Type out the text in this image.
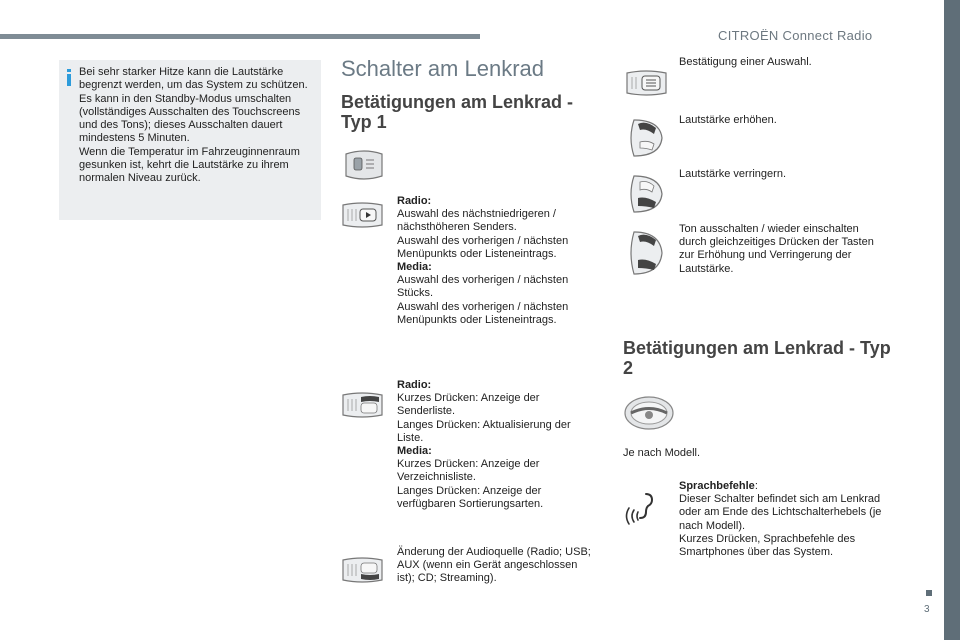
CITROËN Connect Radio
3
Bei sehr starker Hitze kann die Lautstärke begrenzt werden, um das System zu schützen. Es kann in den Standby-Modus umschalten (vollständiges Ausschalten des Touchscreens und des Tons); dieses Ausschalten dauert mindestens 5 Minuten.
Wenn die Temperatur im Fahrzeuginnenraum gesunken ist, kehrt die Lautstärke zu ihrem normalen Niveau zurück.
Schalter am Lenkrad
Betätigungen am Lenkrad - Typ 1
Radio:
Auswahl des nächstniedrigeren / nächsthöheren Senders.
Auswahl des vorherigen / nächsten Menüpunkts oder Listeneintrags.
Media:
Auswahl des vorherigen / nächsten Stücks.
Auswahl des vorherigen / nächsten Menüpunkts oder Listeneintrags.
Radio:
Kurzes Drücken: Anzeige der Senderliste.
Langes Drücken: Aktualisierung der Liste.
Media:
Kurzes Drücken: Anzeige der Verzeichnisliste.
Langes Drücken: Anzeige der verfügbaren Sortierungsarten.
Änderung der Audioquelle (Radio; USB; AUX (wenn ein Gerät angeschlossen ist); CD; Streaming).
Bestätigung einer Auswahl.
Lautstärke erhöhen.
Lautstärke verringern.
Ton ausschalten / wieder einschalten durch gleichzeitiges Drücken der Tasten zur Erhöhung und Verringerung der Lautstärke.
Betätigungen am Lenkrad - Typ 2
Je nach Modell.
Sprachbefehle:
Dieser Schalter befindet sich am Lenkrad oder am Ende des Lichtschalterhebels (je nach Modell).
Kurzes Drücken, Sprachbefehle des Smartphones über das System.
